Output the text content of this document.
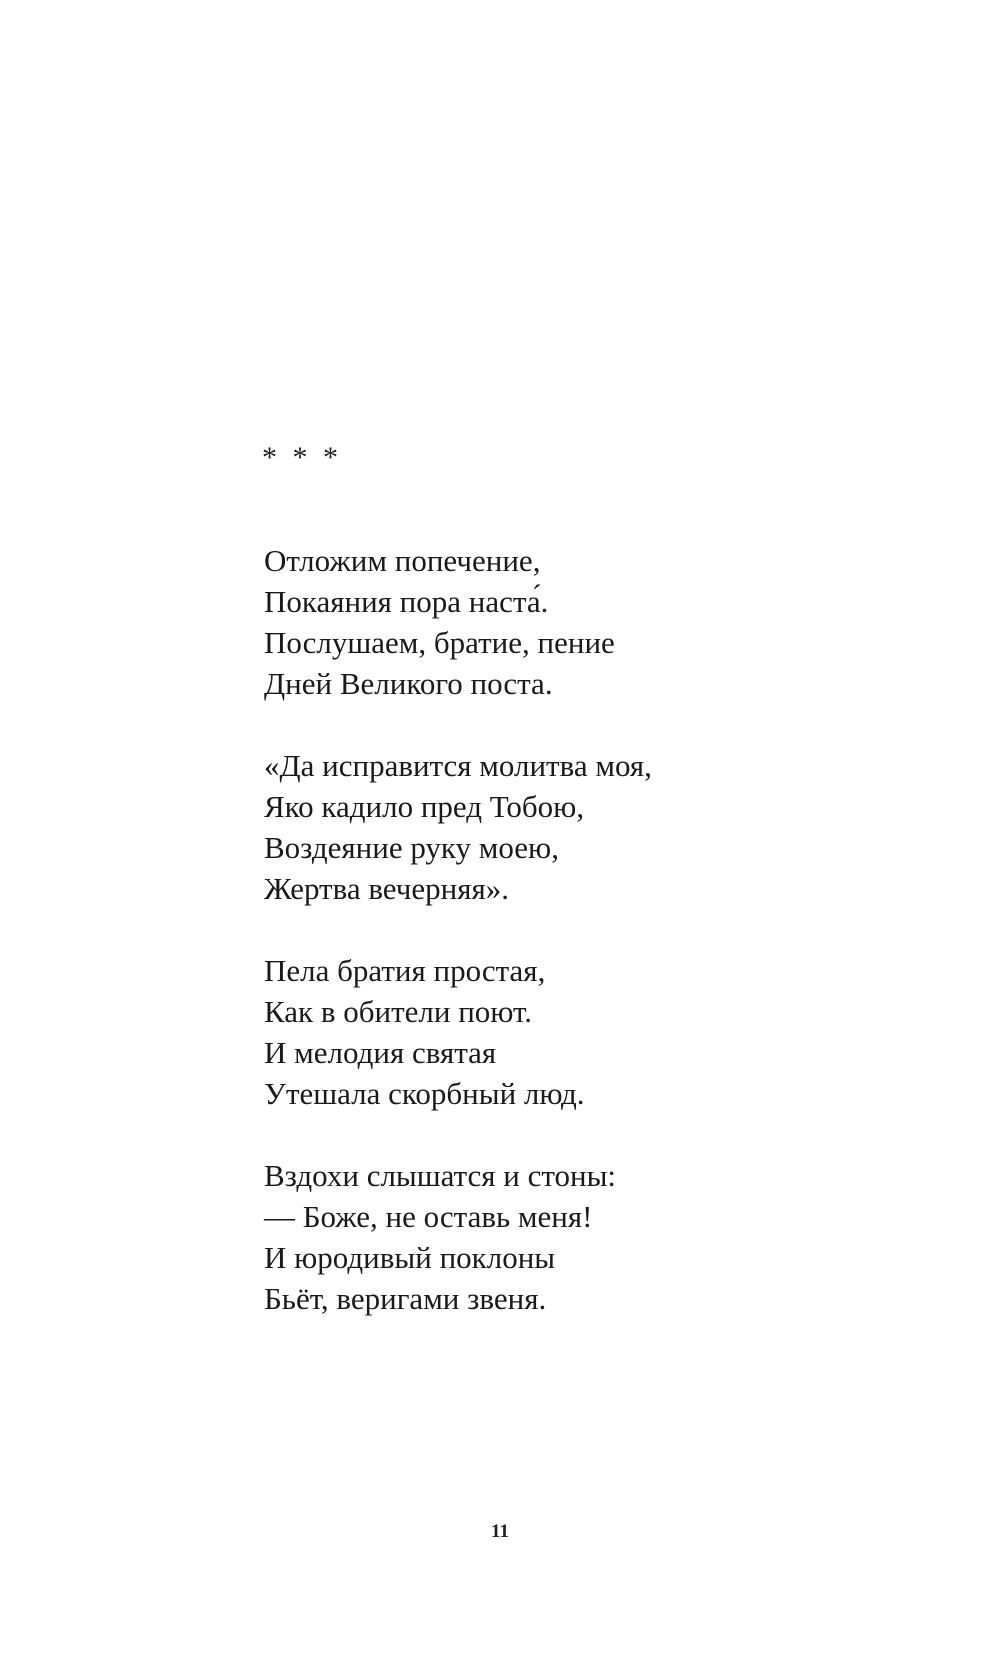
* * *
Отложим попечение,
Покаяния пора наста́.
Послушаем, братие, пение
Дней Великого поста.
«Да исправится молитва моя,
Яко кадило пред Тобою,
Воздеяние руку моею,
Жертва вечерняя».
Пела братия простая,
Как в обители поют.
И мелодия святая
Утешала скорбный люд.
Вздохи слышатся и стоны:
— Боже, не оставь меня!
И юродивый поклоны
Бьёт, веригами звеня.
11
